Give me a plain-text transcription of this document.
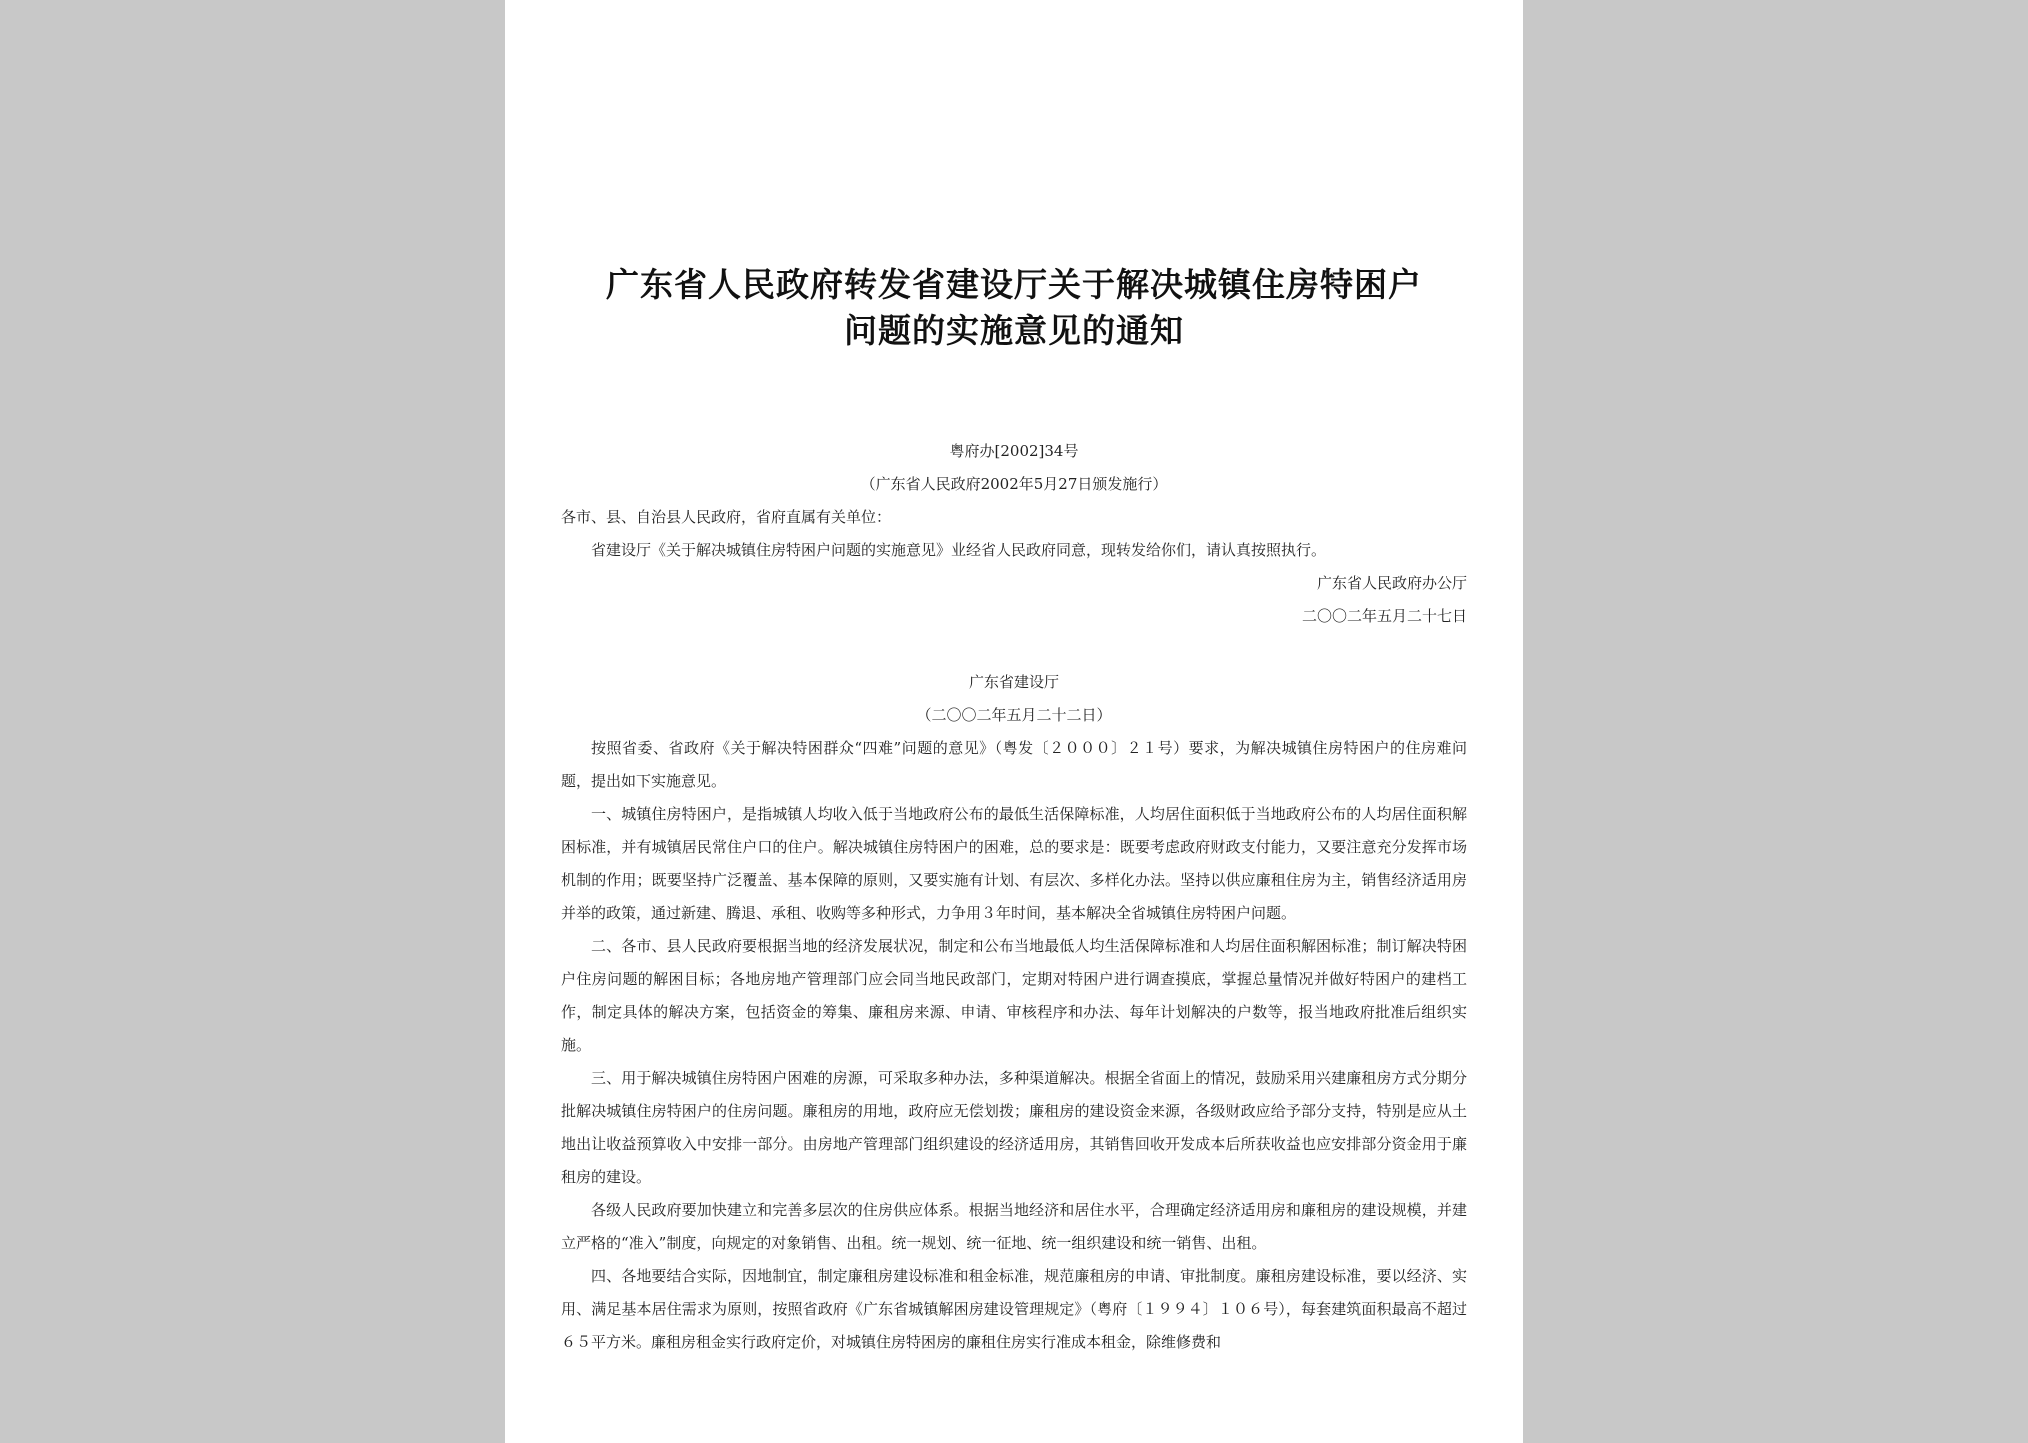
广东省人民政府转发省建设厅关于解决城镇住房特困户
问题的实施意见的通知
粤府办[2002]34号
（广东省人民政府2002年5月27日颁发施行）
各市、县、自治县人民政府，省府直属有关单位：
省建设厅《关于解决城镇住房特困户问题的实施意见》业经省人民政府同意，现转发给你们，请认真按照执行。
广东省人民政府办公厅
二〇〇二年五月二十七日
广东省建设厅
（二〇〇二年五月二十二日）

按照省委、省政府《关于解决特困群众“四难”问题的意见》（粤发〔２０００〕２１号）要求，为解决城镇住房特困户的住房难问题，提出如下实施意见。

一、城镇住房特困户，是指城镇人均收入低于当地政府公布的最低生活保障标准，人均居住面积低于当地政府公布的人均居住面积解困标准，并有城镇居民常住户口的住户。解决城镇住房特困户的困难，总的要求是：既要考虑政府财政支付能力，又要注意充分发挥市场机制的作用；既要坚持广泛覆盖、基本保障的原则，又要实施有计划、有层次、多样化办法。坚持以供应廉租住房为主，销售经济适用房并举的政策，通过新建、腾退、承租、收购等多种形式，力争用３年时间，基本解决全省城镇住房特困户问题。

二、各市、县人民政府要根据当地的经济发展状况，制定和公布当地最低人均生活保障标准和人均居住面积解困标准；制订解决特困户住房问题的解困目标；各地房地产管理部门应会同当地民政部门，定期对特困户进行调查摸底，掌握总量情况并做好特困户的建档工作，制定具体的解决方案，包括资金的筹集、廉租房来源、申请、审核程序和办法、每年计划解决的户数等，报当地政府批准后组织实施。

三、用于解决城镇住房特困户困难的房源，可采取多种办法，多种渠道解决。根据全省面上的情况，鼓励采用兴建廉租房方式分期分批解决城镇住房特困户的住房问题。廉租房的用地，政府应无偿划拨；廉租房的建设资金来源，各级财政应给予部分支持，特别是应从土地出让收益预算收入中安排一部分。由房地产管理部门组织建设的经济适用房，其销售回收开发成本后所获收益也应安排部分资金用于廉租房的建设。

各级人民政府要加快建立和完善多层次的住房供应体系。根据当地经济和居住水平，合理确定经济适用房和廉租房的建设规模，并建立严格的“准入”制度，向规定的对象销售、出租。统一规划、统一征地、统一组织建设和统一销售、出租。

四、各地要结合实际，因地制宜，制定廉租房建设标准和租金标准，规范廉租房的申请、审批制度。廉租房建设标准，要以经济、实用、满足基本居住需求为原则，按照省政府《广东省城镇解困房建设管理规定》（粤府〔１９９４〕１０６号），每套建筑面积最高不超过６５平方米。廉租房租金实行政府定价，对城镇住房特困房的廉租住房实行准成本租金，除维修费和
